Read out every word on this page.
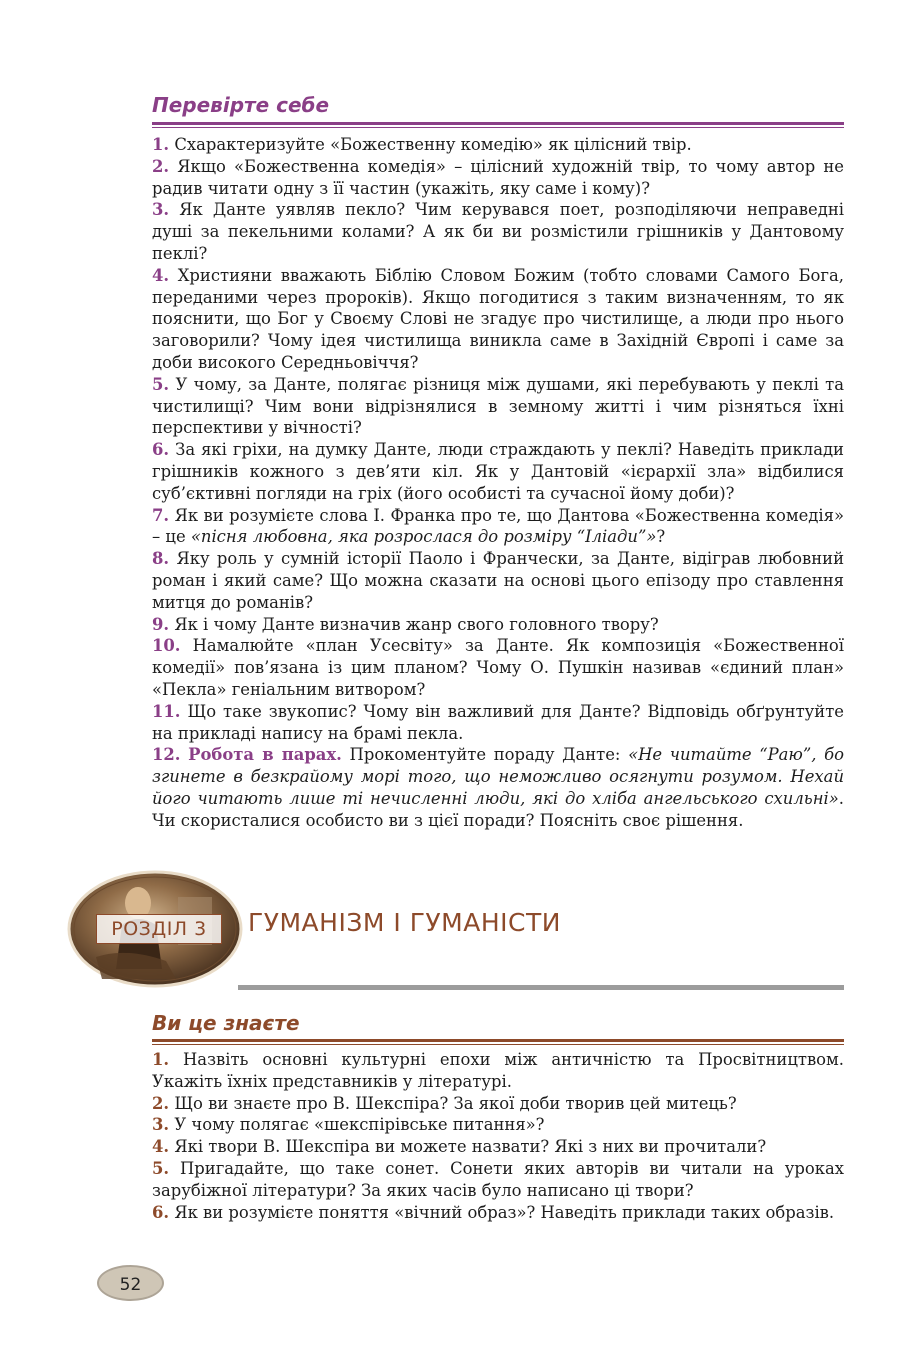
Перевірте себе

1. Схарактеризуйте «Божественну комедію» як цілісний твір.

2. Якщо «Божественна комедія» – цілісний художній твір, то чому автор не радив читати одну з її частин (укажіть, яку саме і кому)?

3. Як Данте уявляв пекло? Чим керувався поет, розподіляючи неправедні душі за пекельними колами? А як би ви розмістили грішників у Дантовому пеклі?

4. Християни вважають Біблію Словом Божим (тобто словами Самого Бога, переданими через пророків). Якщо погодитися з таким визначенням, то як пояснити, що Бог у Своєму Слові не згадує про чистилище, а люди про нього заговорили? Чому ідея чистилища виникла саме в Західній Європі і саме за доби високого Середньовіччя?

5. У чому, за Данте, полягає різниця між душами, які перебувають у пеклі та чистилищі? Чим вони відрізнялися в земному житті і чим різняться їхні перспективи у вічності?

6. За які гріхи, на думку Данте, люди страждають у пеклі? Наведіть приклади грішників кожного з дев’яти кіл. Як у Дантовій «ієрархії зла» відбилися суб’єктивні погляди на гріх (його особисті та сучасної йому доби)?

7. Як ви розумієте слова І. Франка про те, що Дантова «Божественна комедія» – це «пісня любовна, яка розрослася до розміру “Іліади”»?

8. Яку роль у сумній історії Паоло і Франчески, за Данте, відіграв любовний роман і який саме? Що можна сказати на основі цього епізоду про ставлення митця до романів?

9. Як і чому Данте визначив жанр свого головного твору?

10. Намалюйте «план Усесвіту» за Данте. Як композиція «Божественної комедії» пов’язана із цим планом? Чому О. Пушкін називав «єдиний план» «Пекла» геніальним витвором?

11. Що таке звукопис? Чому він важливий для Данте? Відповідь обґрунтуйте на прикладі напису на брамі пекла.

12. Робота в парах. Прокоментуйте пораду Данте: «Не читайте “Раю”, бо згинете в безкрайому морі того, що неможливо осягнути розумом. Нехай його читають лише ті нечисленні люди, які до хліба ангельського схильні». Чи скористалися особисто ви з цієї поради? Поясніть своє рішення.

РОЗДІЛ 3	ГУМАНІЗМ І ГУМАНІСТИ
Ви це знаєте

1. Назвіть основні культурні епохи між античністю та Просвітництвом. Укажіть їхніх представників у літературі.

2. Що ви знаєте про В. Шекспіра? За якої доби творив цей митець?

3. У чому полягає «шекспірівське питання»?

4. Які твори В. Шекспіра ви можете назвати? Які з них ви прочитали?

5. Пригадайте, що таке сонет. Сонети яких авторів ви читали на уроках зарубіжної літератури? За яких часів було написано ці твори?

6. Як ви розумієте поняття «вічний образ»? Наведіть приклади таких образів.

52
